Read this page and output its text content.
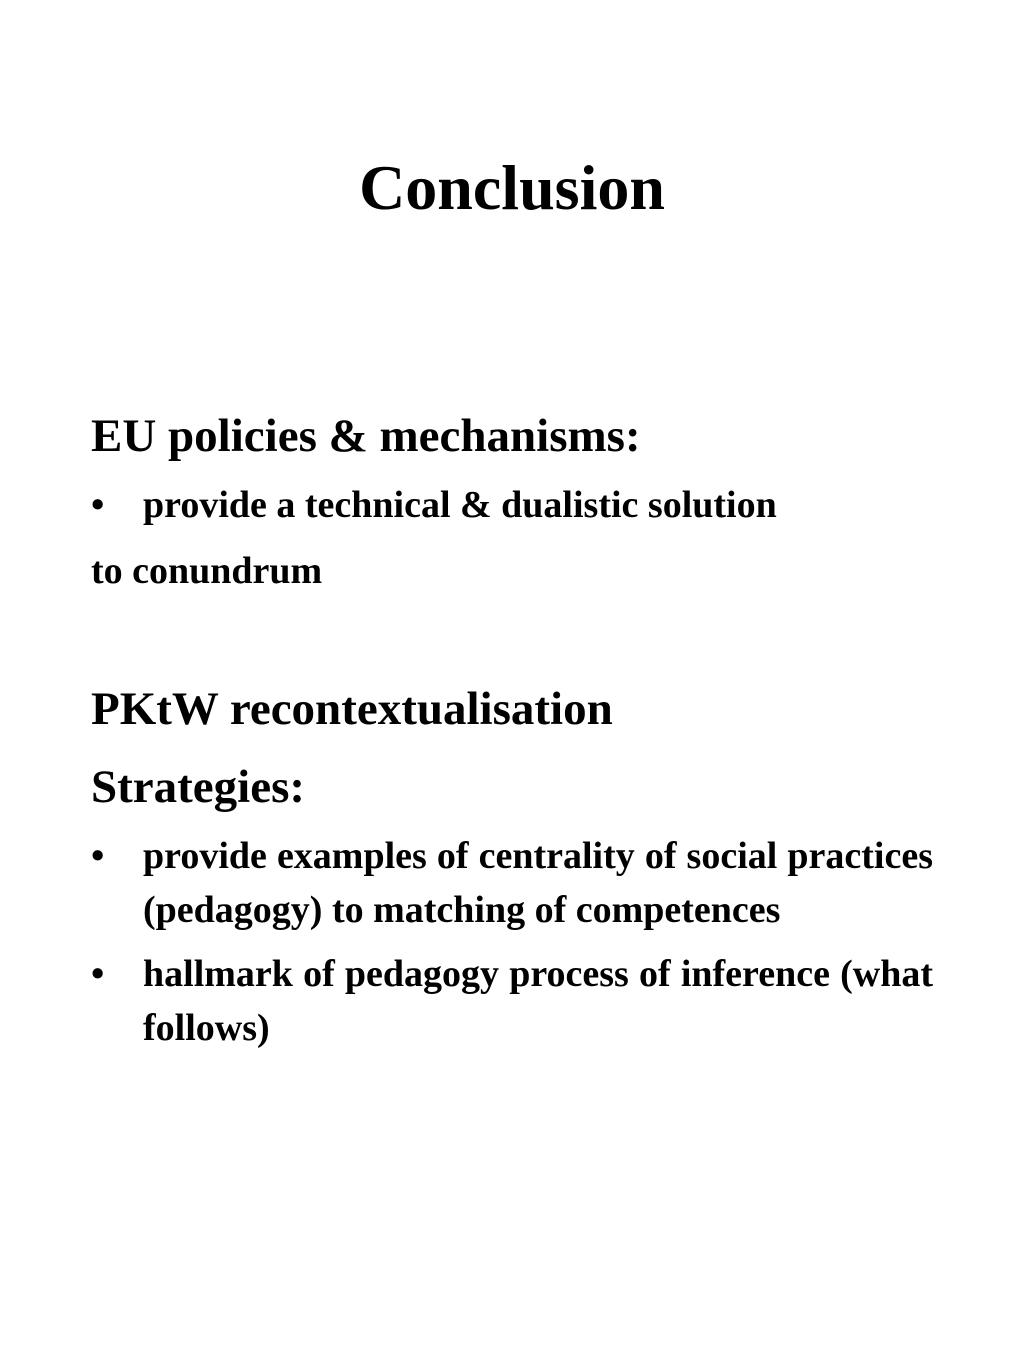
Conclusion

EU policies & mechanisms:

•	provide a technical & dualistic solution

to conundrum

PKtW recontextualisation

Strategies:

•	provide examples of centrality of social practices (pedagogy) to matching of competences
•	hallmark of pedagogy process of inference (what follows)
